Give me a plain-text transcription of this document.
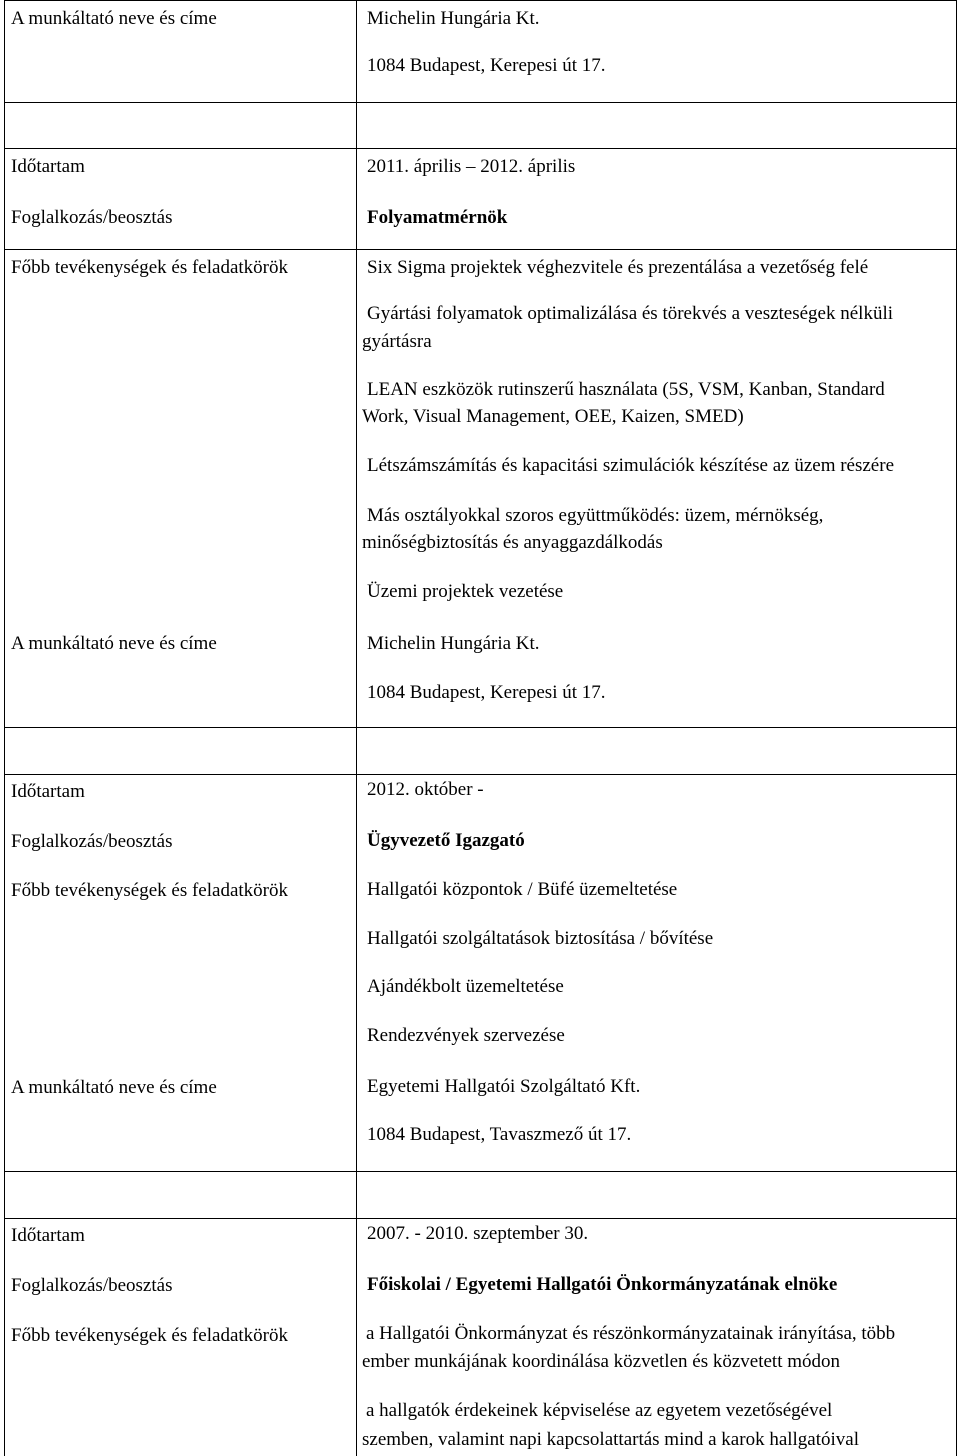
A munkáltató neve és címe	Michelin Hungária Kt.
1084 Budapest, Kerepesi út 17.
Időtartam	2011. április – 2012. április
Foglalkozás/beosztás	Folyamatmérnök
Főbb tevékenységek és feladatkörök	Six Sigma projektek véghezvitele és prezentálása a vezetőség felé
Gyártási folyamatok optimalizálása és törekvés a veszteségek nélküli
gyártásra
LEAN eszközök rutinszerű használata (5S, VSM, Kanban, Standard
Work, Visual Management, OEE, Kaizen, SMED)
Létszámszámítás és kapacitási szimulációk készítése az üzem részére
Más osztályokkal szoros együttműködés: üzem, mérnökség,
minőségbiztosítás és anyaggazdálkodás
Üzemi projektek vezetése
A munkáltató neve és címe	Michelin Hungária Kt.
1084 Budapest, Kerepesi út 17.
Időtartam	2012. október -
Foglalkozás/beosztás	Ügyvezető Igazgató
Főbb tevékenységek és feladatkörök	Hallgatói központok / Büfé üzemeltetése
Hallgatói szolgáltatások biztosítása / bővítése
Ajándékbolt üzemeltetése
Rendezvények szervezése
A munkáltató neve és címe	Egyetemi Hallgatói Szolgáltató Kft.
1084 Budapest, Tavaszmező út 17.
Időtartam	2007. - 2010. szeptember 30.
Foglalkozás/beosztás	Főiskolai / Egyetemi Hallgatói Önkormányzatának elnöke
Főbb tevékenységek és feladatkörök	a Hallgatói Önkormányzat és részönkormányzatainak irányítása, több
ember munkájának koordinálása közvetlen és közvetett módon
a hallgatók érdekeinek képviselése az egyetem vezetőségével
szemben, valamint napi kapcsolattartás mind a karok hallgatóival
